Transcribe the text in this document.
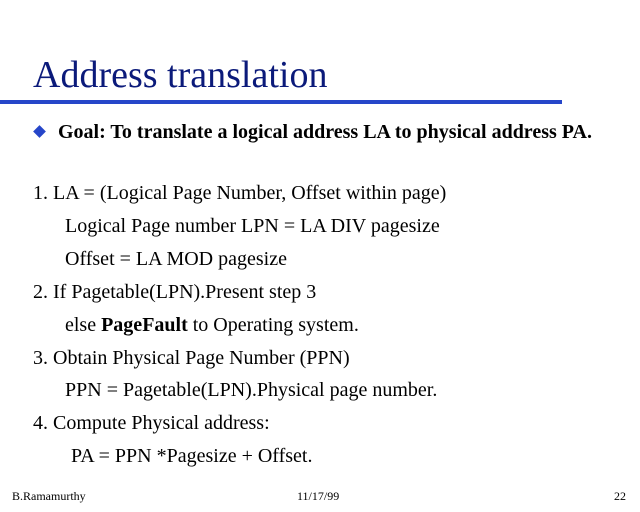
Address translation
Goal: To translate a logical address LA to physical address PA.
1. LA = (Logical Page Number, Offset within page)
Logical Page number LPN = LA DIV pagesize
Offset = LA MOD pagesize
2. If Pagetable(LPN).Present step 3
else PageFault to Operating system.
3. Obtain Physical Page Number (PPN)
PPN = Pagetable(LPN).Physical page number.
4. Compute Physical address:
PA = PPN *Pagesize + Offset.
B.Ramamurthy	11/17/99	22
